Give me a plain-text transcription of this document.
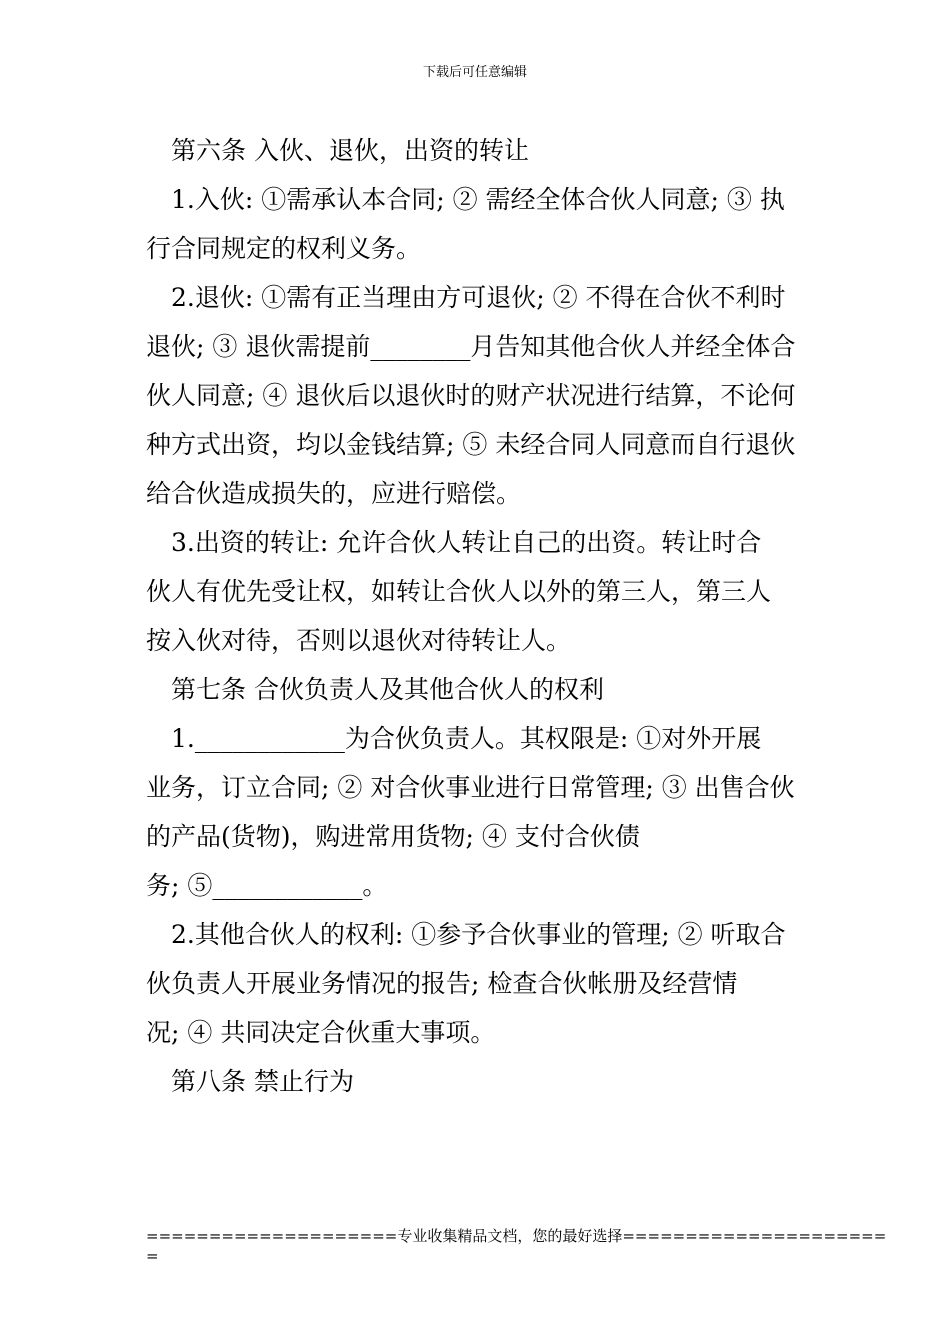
下载后可任意编辑

第六条 入伙、退伙，出资的转让

1.入伙: ①需承认本合同; ② 需经全体合伙人同意; ③ 执
行合同规定的权利义务。

2.退伙: ①需有正当理由方可退伙; ② 不得在合伙不利时
退伙; ③ 退伙需提前________月告知其他合伙人并经全体合
伙人同意; ④ 退伙后以退伙时的财产状况进行结算，不论何
种方式出资，均以金钱结算; ⑤ 未经合同人同意而自行退伙
给合伙造成损失的，应进行赔偿。

3.出资的转让: 允许合伙人转让自己的出资。转让时合
伙人有优先受让权，如转让合伙人以外的第三人，第三人
按入伙对待，否则以退伙对待转让人。

第七条 合伙负责人及其他合伙人的权利

1.____________为合伙负责人。其权限是: ①对外开展
业务，订立合同; ② 对合伙事业进行日常管理; ③ 出售合伙
的产品(货物)，购进常用货物; ④ 支付合伙债
务; ⑤____________。

2.其他合伙人的权利: ①参予合伙事业的管理; ② 听取合
伙负责人开展业务情况的报告; 检查合伙帐册及经营情
况; ④ 共同决定合伙重大事项。

第八条 禁止行为

====================专业收集精品文档，您的最好选择=====================
=
